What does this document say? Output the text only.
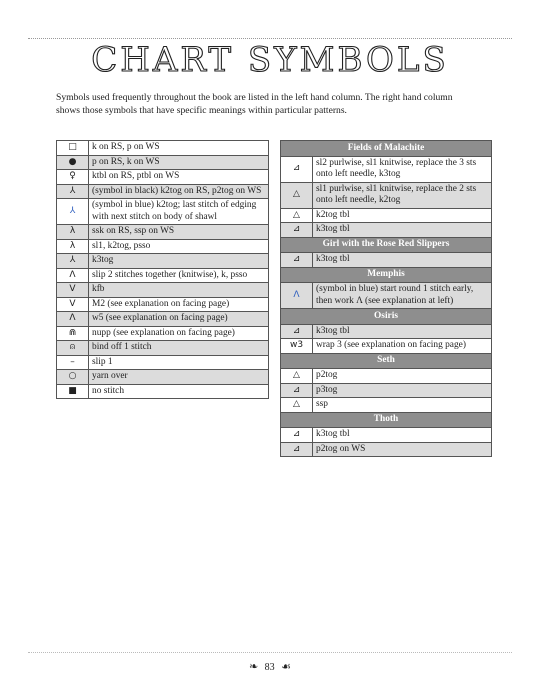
CHART SYMBOLS
Symbols used frequently throughout the book are listed in the left hand column. The right hand column shows those symbols that have specific meanings within particular patterns.
□	k on RS, p on WS
●	p on RS, k on WS
♀	ktbl on RS, ptbl on WS
⅄	(symbol in black) k2tog on RS, p2tog on WS
⅄	(symbol in blue) k2tog; last stitch of edging with next stitch on body of shawl
λ	ssk on RS, ssp on WS
λ	sl1, k2tog, psso
⅄	k3tog
Λ	slip 2 stitches together (knitwise), k, psso
V	kfb
V	M2 (see explanation on facing page)
Λ	w5 (see explanation on facing page)
⋒	nupp (see explanation on facing page)
⍝	bind off 1 stitch
–	slip 1
○	yarn over
■	no stitch
Fields of Malachite	
⊿	sl2 purlwise, sl1 knitwise, replace the 3 sts onto left needle, k3tog
△	sl1 purlwise, sl1 knitwise, replace the 2 sts onto left needle, k2tog
△	k2tog tbl
⊿	k3tog tbl
Girl with the Rose Red Slippers	
⊿	k3tog tbl
Memphis	
Λ	(symbol in blue) start round 1 stitch early, then work Λ (see explanation at left)
Osiris	
⊿	k3tog tbl
w3	wrap 3 (see explanation on facing page)
Seth	
△	p2tog
⊿	p3tog
△	ssp
Thoth	
⊿	k3tog tbl
⊿	p2tog on WS
❧ 83 ☙
